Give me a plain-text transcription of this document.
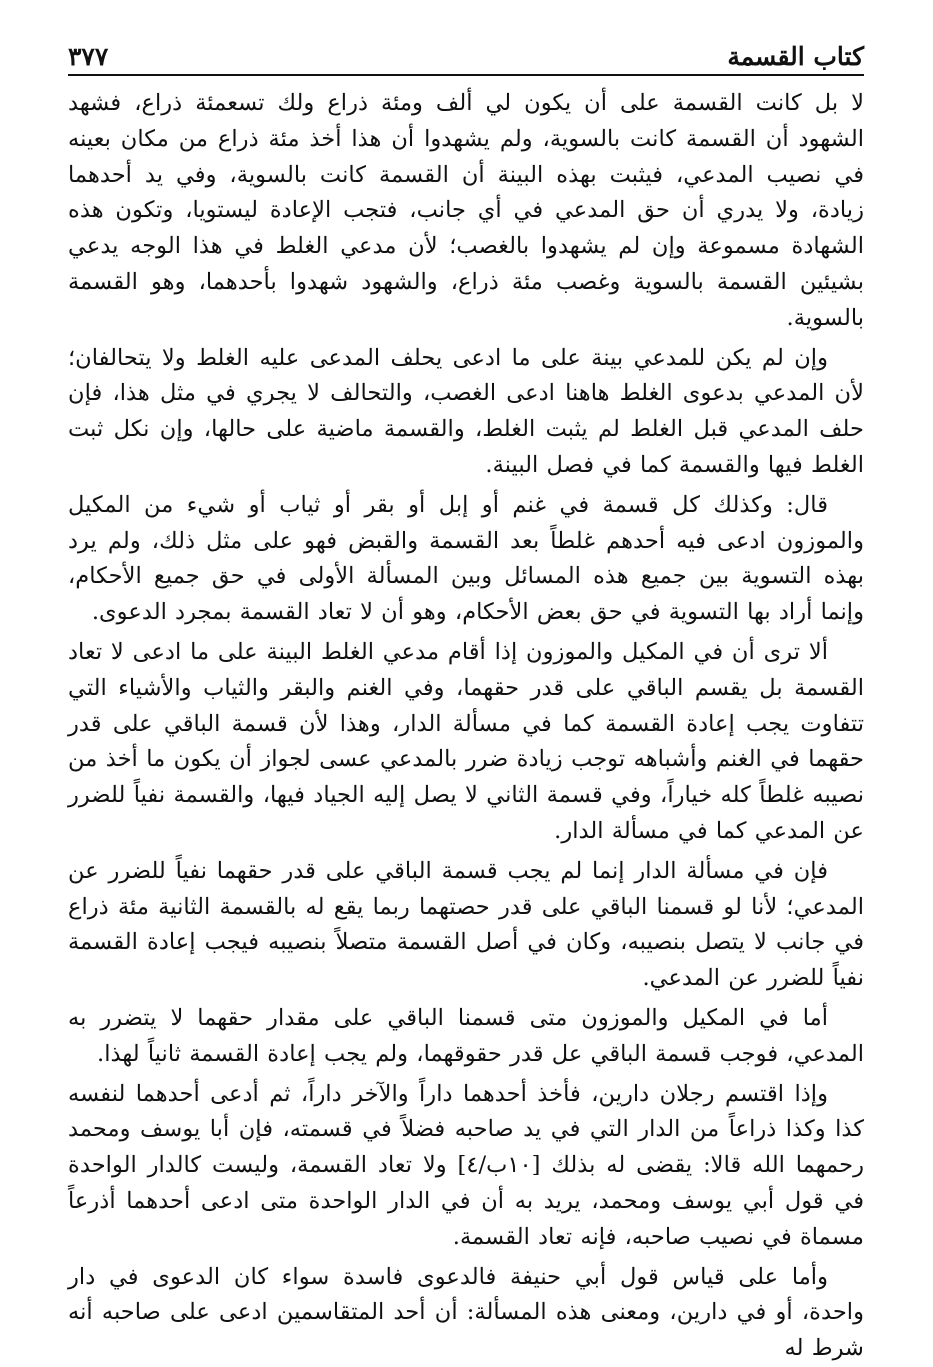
كتاب القسمة
٣٧٧

لا بل كانت القسمة على أن يكون لي ألف ومئة ذراع ولك تسعمئة ذراع، فشهد الشهود أن القسمة كانت بالسوية، ولم يشهدوا أن هذا أخذ مئة ذراع من مكان بعينه في نصيب المدعي، فيثبت بهذه البينة أن القسمة كانت بالسوية، وفي يد أحدهما زيادة، ولا يدري أن حق المدعي في أي جانب، فتجب الإعادة ليستويا، وتكون هذه الشهادة مسموعة وإن لم يشهدوا بالغصب؛ لأن مدعي الغلط في هذا الوجه يدعي بشيئين القسمة بالسوية وغصب مئة ذراع، والشهود شهدوا بأحدهما، وهو القسمة بالسوية.

وإن لم يكن للمدعي بينة على ما ادعى يحلف المدعى عليه الغلط ولا يتحالفان؛ لأن المدعي بدعوى الغلط هاهنا ادعى الغصب، والتحالف لا يجري في مثل هذا، فإن حلف المدعي قبل الغلط لم يثبت الغلط، والقسمة ماضية على حالها، وإن نكل ثبت الغلط فيها والقسمة كما في فصل البينة.

قال: وكذلك كل قسمة في غنم أو إبل أو بقر أو ثياب أو شيء من المكيل والموزون ادعى فيه أحدهم غلطاً بعد القسمة والقبض فهو على مثل ذلك، ولم يرد بهذه التسوية بين جميع هذه المسائل وبين المسألة الأولى في حق جميع الأحكام، وإنما أراد بها التسوية في حق بعض الأحكام، وهو أن لا تعاد القسمة بمجرد الدعوى.

ألا ترى أن في المكيل والموزون إذا أقام مدعي الغلط البينة على ما ادعى لا تعاد القسمة بل يقسم الباقي على قدر حقهما، وفي الغنم والبقر والثياب والأشياء التي تتفاوت يجب إعادة القسمة كما في مسألة الدار، وهذا لأن قسمة الباقي على قدر حقهما في الغنم وأشباهه توجب زيادة ضرر بالمدعي عسى لجواز أن يكون ما أخذ من نصيبه غلطاً كله خياراً، وفي قسمة الثاني لا يصل إليه الجياد فيها، والقسمة نفياً للضرر عن المدعي كما في مسألة الدار.

فإن في مسألة الدار إنما لم يجب قسمة الباقي على قدر حقهما نفياً للضرر عن المدعي؛ لأنا لو قسمنا الباقي على قدر حصتهما ربما يقع له بالقسمة الثانية مئة ذراع في جانب لا يتصل بنصيبه، وكان في أصل القسمة متصلاً بنصيبه فيجب إعادة القسمة نفياً للضرر عن المدعي.

أما في المكيل والموزون متى قسمنا الباقي على مقدار حقهما لا يتضرر به المدعي، فوجب قسمة الباقي عل قدر حقوقهما، ولم يجب إعادة القسمة ثانياً لهذا.

وإذا اقتسم رجلان دارين، فأخذ أحدهما داراً والآخر داراً، ثم أدعى أحدهما لنفسه كذا وكذا ذراعاً من الدار التي في يد صاحبه فضلاً في قسمته، فإن أبا يوسف ومحمد رحمهما الله قالا: يقضى له بذلك [١٠ب/٤] ولا تعاد القسمة، وليست كالدار الواحدة في قول أبي يوسف ومحمد، يريد به أن في الدار الواحدة متى ادعى أحدهما أذرعاً مسماة في نصيب صاحبه، فإنه تعاد القسمة.

وأما على قياس قول أبي حنيفة فالدعوى فاسدة سواء كان الدعوى في دار واحدة، أو في دارين، ومعنى هذه المسألة: أن أحد المتقاسمين ادعى على صاحبه أنه شرط له
